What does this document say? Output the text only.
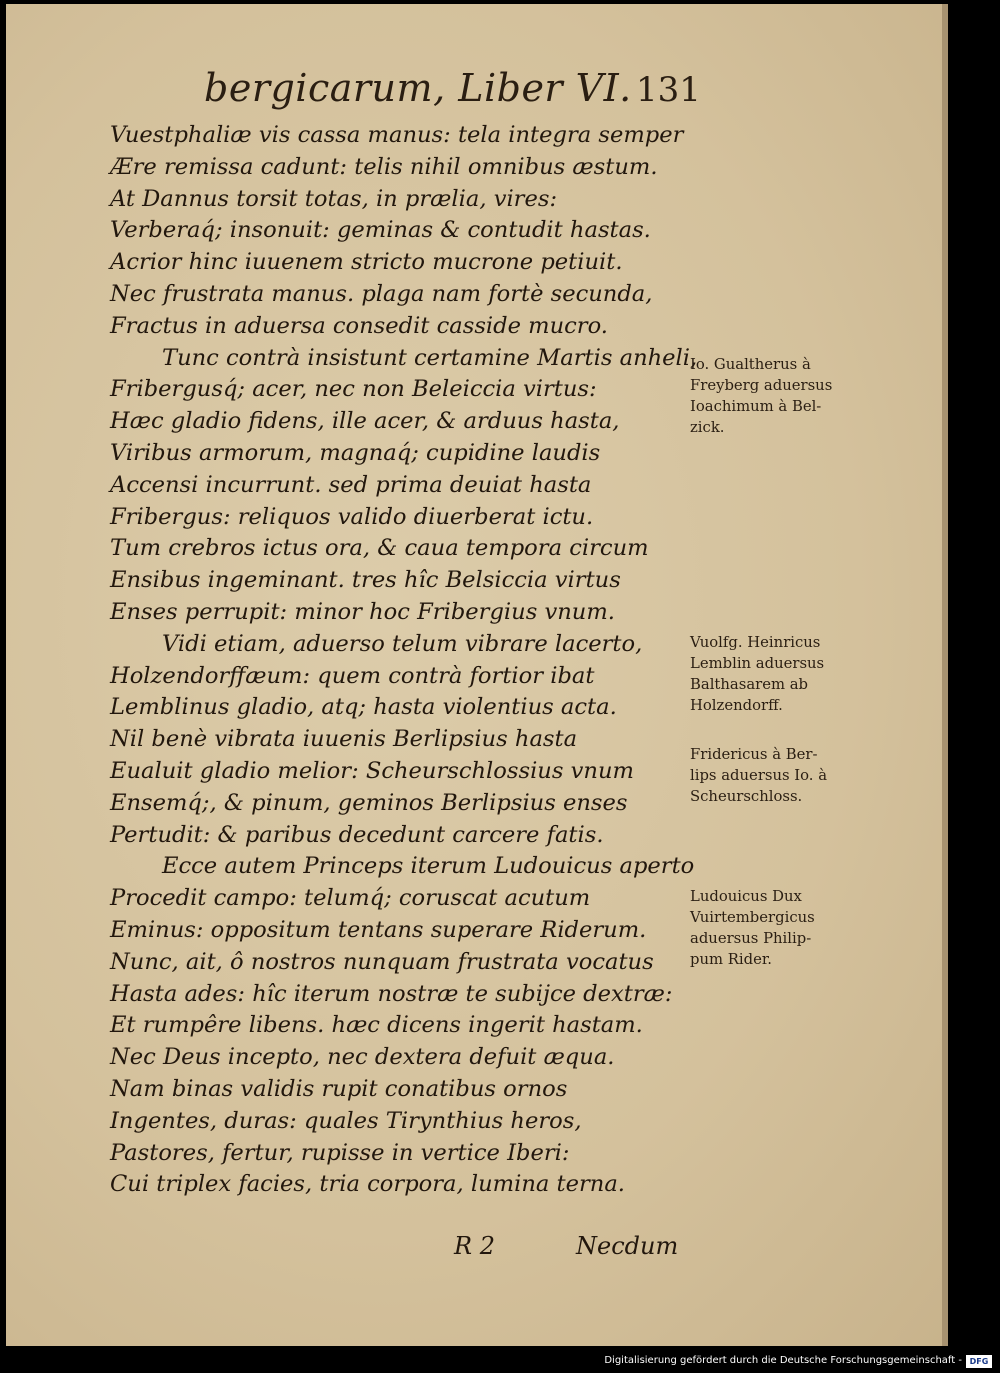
bergicarum, Liber VI. 131
Vuestphaliæ vis cassa manus: tela integra semper
Ære remissa cadunt: telis nihil omnibus æstum.
At Dannus torsit totas, in prælia, vires:
Verberaq́; insonuit: geminas & contudit hastas.
Acrior hinc iuuenem stricto mucrone petiuit.
Nec frustrata manus. plaga nam fortè secunda,
Fractus in aduersa consedit casside mucro.
Tunc contrà insistunt certamine Martis anheli,
Fribergusq́; acer, nec non Beleiccia virtus:
Hæc gladio fidens, ille acer, & arduus hasta,
Viribus armorum, magnaq́; cupidine laudis
Accensi incurrunt. sed prima deuiat hasta
Fribergus: reliquos valido diuerberat ictu.
Tum crebros ictus ora, & caua tempora circum
Ensibus ingeminant. tres hîc Belsiccia virtus
Enses perrupit: minor hoc Fribergius vnum.
Vidi etiam, aduerso telum vibrare lacerto,
Holzendorffæum: quem contrà fortior ibat
Lemblinus gladio, atq; hasta violentius acta.
Nil benè vibrata iuuenis Berlipsius hasta
Eualuit gladio melior: Scheurschlossius vnum
Ensemq́;, & pinum, geminos Berlipsius enses
Pertudit: & paribus decedunt carcere fatis.
Ecce autem Princeps iterum Ludouicus aperto
Procedit campo: telumq́; coruscat acutum
Eminus: oppositum tentans superare Riderum.
Nunc, ait, ô nostros nunquam frustrata vocatus
Hasta ades: hîc iterum nostræ te subijce dextræ:
Et rumpêre libens. hæc dicens ingerit hastam.
Nec Deus incepto, nec dextera defuit æqua.
Nam binas validis rupit conatibus ornos
Ingentes, duras: quales Tirynthius heros,
Pastores, fertur, rupisse in vertice Iberi:
Cui triplex facies, tria corpora, lumina terna.
Io. Gualtherus à
Freyberg aduersus
Ioachimum à Bel-
zick.
Vuolfg. Heinricus
Lemblin aduersus
Balthasarem ab
Holzendorff.
Fridericus à Ber-
lips aduersus Io. à
Scheurschloss.
Ludouicus Dux
Vuirtembergicus
aduersus Philip-
pum Rider.
R 2	Necdum
Digitalisierung gefördert durch die Deutsche Forschungsgemeinschaft - DFG
